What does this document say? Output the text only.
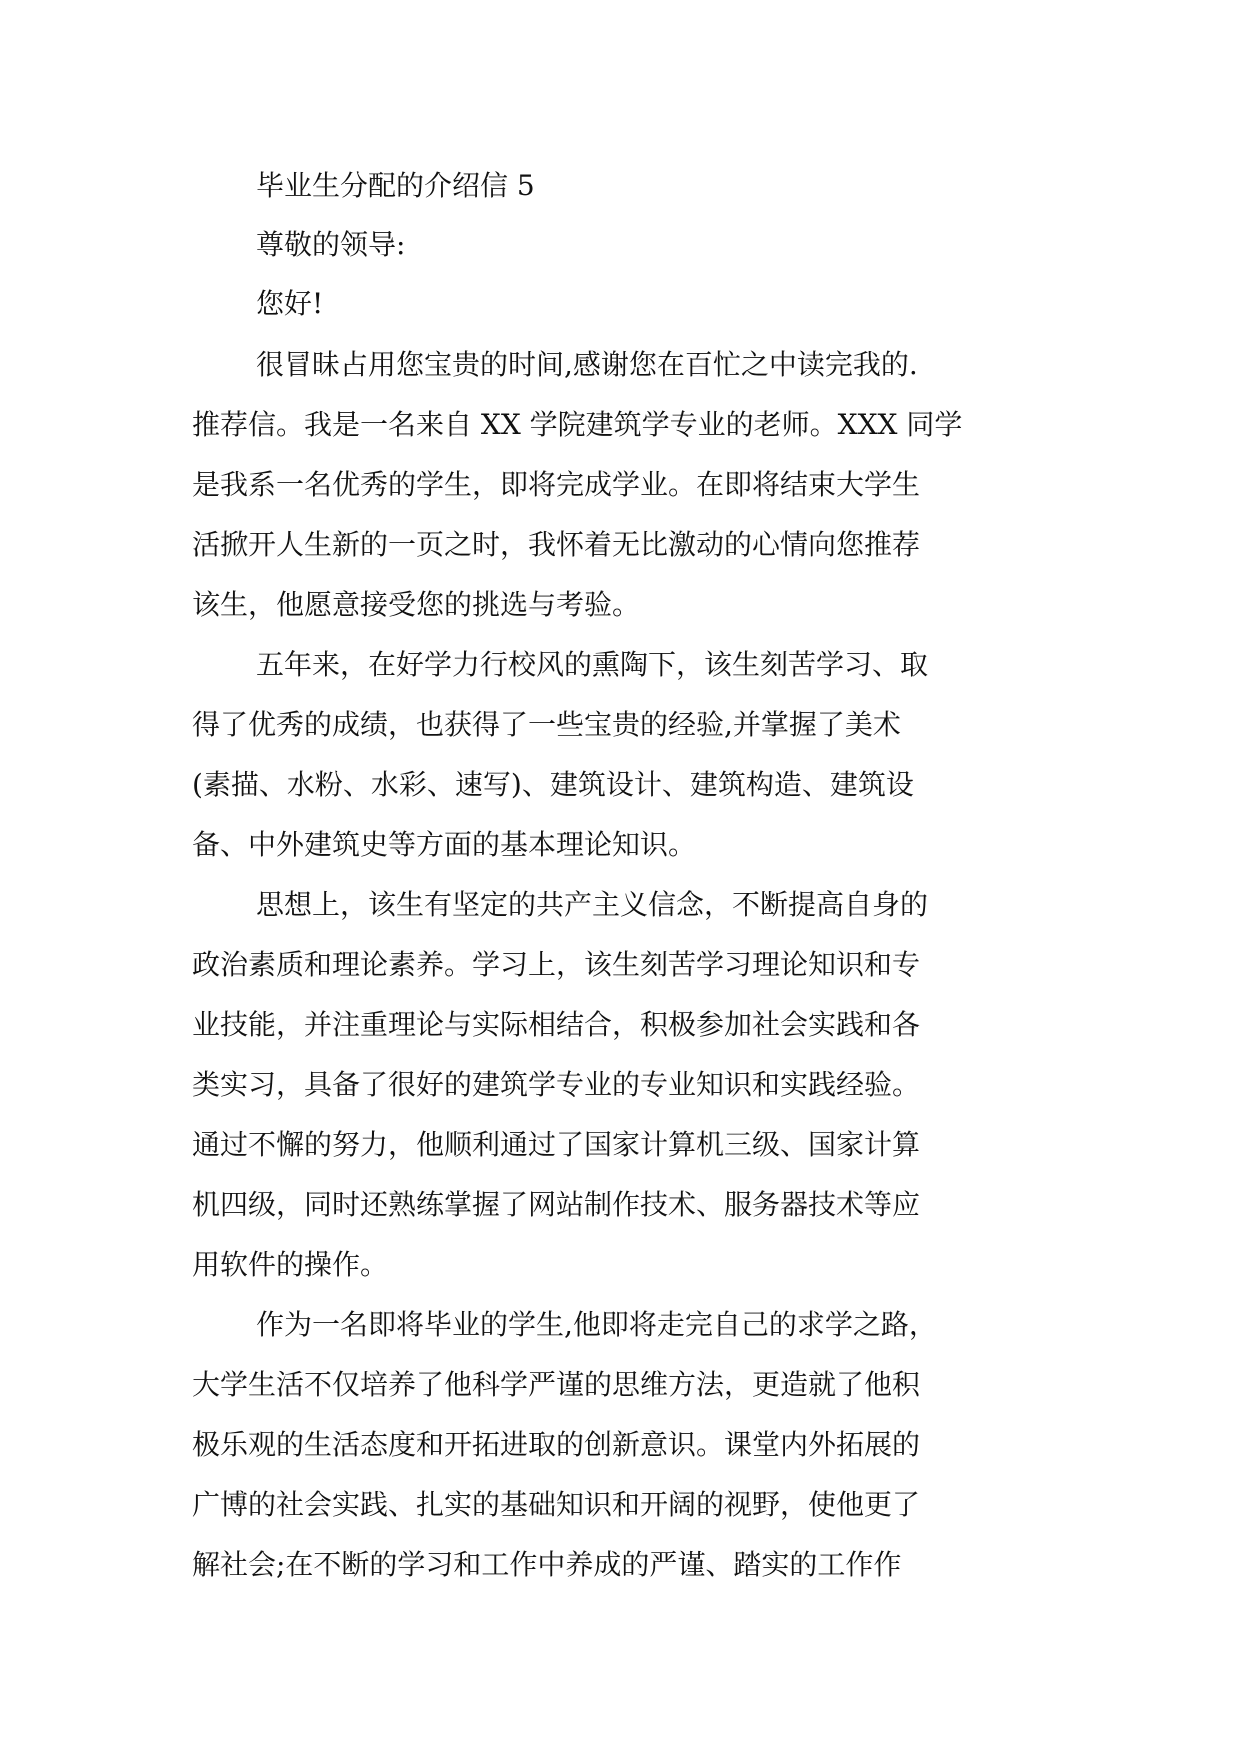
毕业生分配的介绍信 5
尊敬的领导:
您好!
很冒昧占用您宝贵的时间,感谢您在百忙之中读完我的.
推荐信。我是一名来自 XX 学院建筑学专业的老师。XXX 同学
是我系一名优秀的学生，即将完成学业。在即将结束大学生
活掀开人生新的一页之时，我怀着无比激动的心情向您推荐
该生，他愿意接受您的挑选与考验。
五年来，在好学力行校风的熏陶下，该生刻苦学习、取
得了优秀的成绩，也获得了一些宝贵的经验,并掌握了美术
(素描、水粉、水彩、速写)、建筑设计、建筑构造、建筑设
备、中外建筑史等方面的基本理论知识。
思想上，该生有坚定的共产主义信念，不断提高自身的
政治素质和理论素养。学习上，该生刻苦学习理论知识和专
业技能，并注重理论与实际相结合，积极参加社会实践和各
类实习，具备了很好的建筑学专业的专业知识和实践经验。
通过不懈的努力，他顺利通过了国家计算机三级、国家计算
机四级，同时还熟练掌握了网站制作技术、服务器技术等应
用软件的操作。
作为一名即将毕业的学生,他即将走完自己的求学之路，
大学生活不仅培养了他科学严谨的思维方法，更造就了他积
极乐观的生活态度和开拓进取的创新意识。课堂内外拓展的
广博的社会实践、扎实的基础知识和开阔的视野，使他更了
解社会;在不断的学习和工作中养成的严谨、踏实的工作作
